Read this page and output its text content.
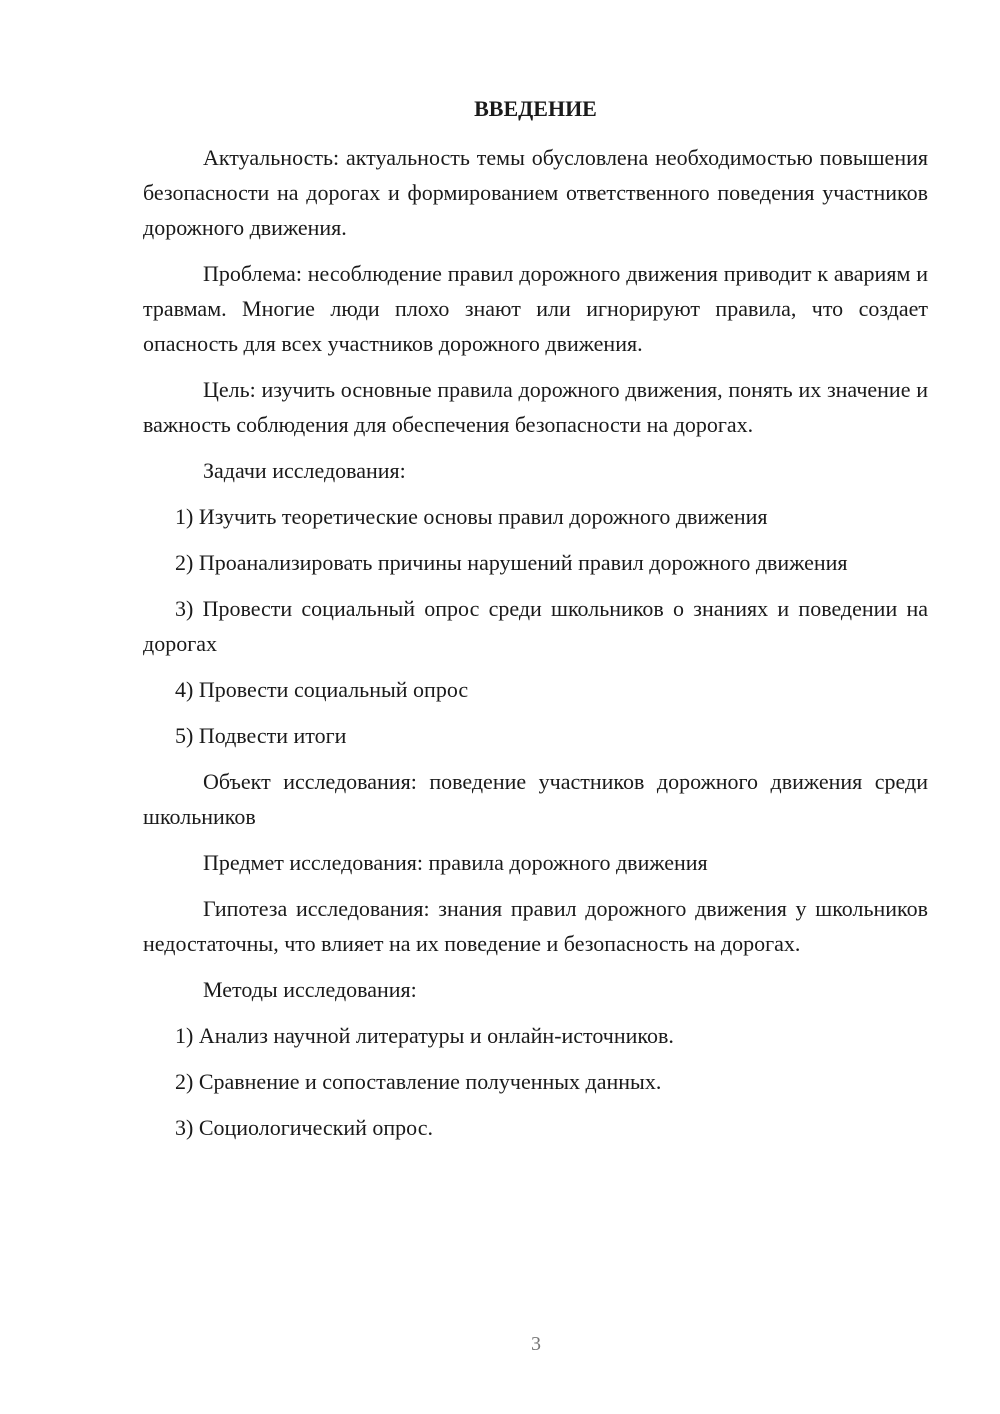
ВВЕДЕНИЕ

Актуальность: актуальность темы обусловлена необходимостью повышения безопасности на дорогах и формированием ответственного поведения участников дорожного движения.

Проблема: несоблюдение правил дорожного движения приводит к авариям и травмам. Многие люди плохо знают или игнорируют правила, что создает опасность для всех участников дорожного движения.

Цель: изучить основные правила дорожного движения, понять их значение и важность соблюдения для обеспечения безопасности на дорогах.

Задачи исследования:

1) Изучить теоретические основы правил дорожного движения

2) Проанализировать причины нарушений правил дорожного движения

3) Провести социальный опрос среди школьников о знаниях и поведении на дорогах

4) Провести социальный опрос

5) Подвести итоги

Объект исследования: поведение участников дорожного движения среди школьников

Предмет исследования: правила дорожного движения

Гипотеза исследования: знания правил дорожного движения у школьников недостаточны, что влияет на их поведение и безопасность на дорогах.

Методы исследования:

1) Анализ научной литературы и онлайн-источников.

2) Сравнение и сопоставление полученных данных.

3) Социологический опрос.

3
